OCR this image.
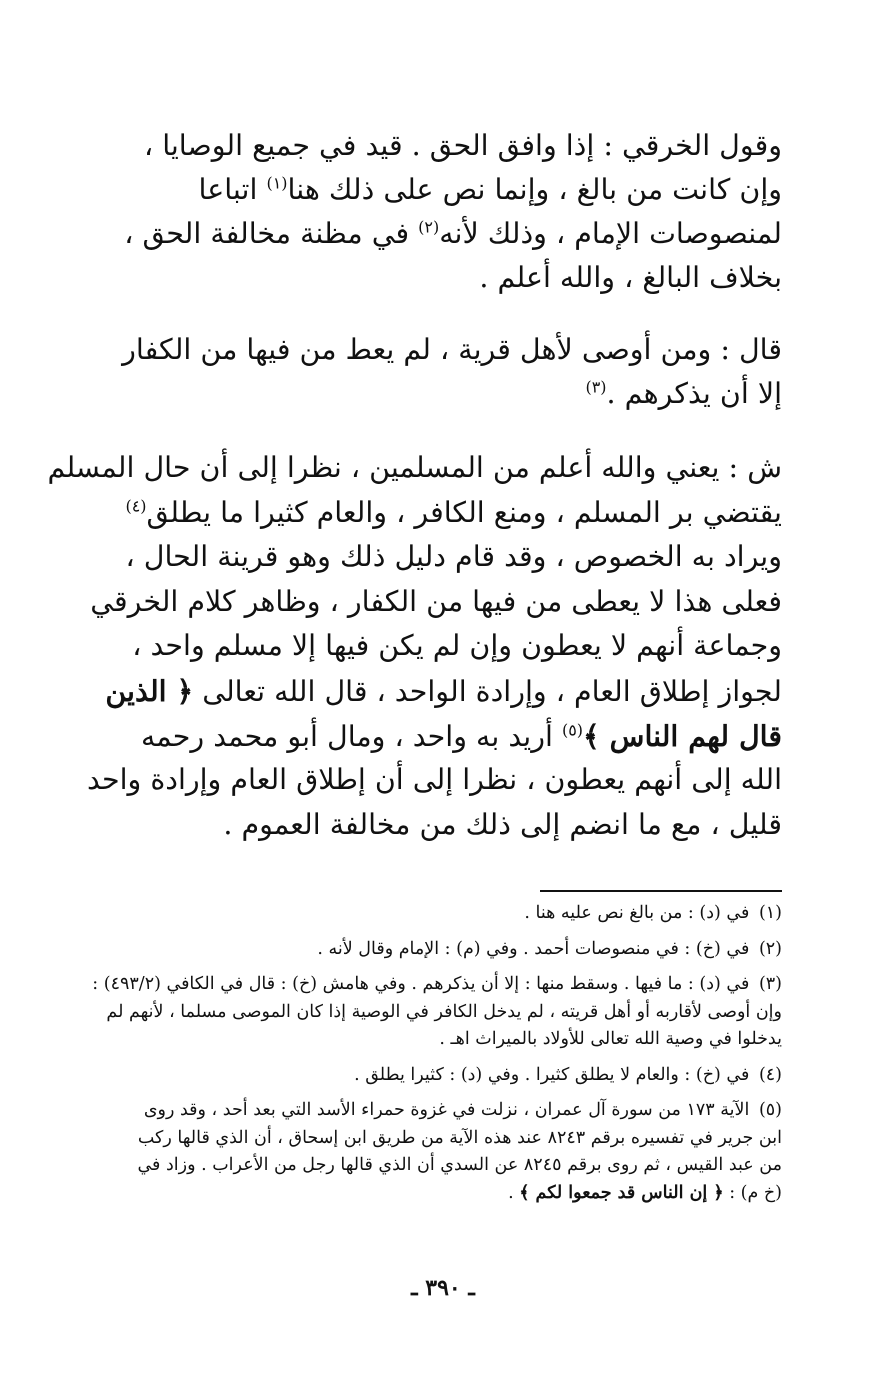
وقول الخرقي : إذا وافق الحق . قيد في جميع الوصايا ،
وإن كانت من بالغ ، وإنما نص على ذلك هنا$^{(١)}$ اتباعا
لمنصوصات الإمام ، وذلك لأنه$^{(٢)}$ في مظنة مخالفة الحق ،
بخلاف البالغ ، والله أعلم .
قال : ومن أوصى لأهل قرية ، لم يعط من فيها من الكفار
إلا أن يذكرهم .$^{(٣)}$
ش : يعني والله أعلم من المسلمين ، نظرا إلى أن حال المسلم
يقتضي بر المسلم ، ومنع الكافر ، والعام كثيرا ما يطلق$^{(٤)}$
ويراد به الخصوص ، وقد قام دليل ذلك وهو قرينة الحال ،
فعلى هذا لا يعطى من فيها من الكفار ، وظاهر كلام الخرقي
وجماعة أنهم لا يعطون وإن لم يكن فيها إلا مسلم واحد ،
لجواز إطلاق العام ، وإرادة الواحد ، قال الله تعالى ﴿ الذين
قال لهم الناس ﴾$^{(٥)}$ أريد به واحد ، ومال أبو محمد رحمه
الله إلى أنهم يعطون ، نظرا إلى أن إطلاق العام وإرادة واحد
قليل ، مع ما انضم إلى ذلك من مخالفة العموم .
(١) في (د) : من بالغ نص عليه هنا .
(٢) في (خ) : في منصوصات أحمد . وفي (م) : الإمام وقال لأنه .
(٣) في (د) : ما فيها . وسقط منها : إلا أن يذكرهم . وفي هامش (خ) : قال في الكافي (٤٩٣/٢) :
وإن أوصى لأقاربه أو أهل قريته ، لم يدخل الكافر في الوصية إذا كان الموصى مسلما ، لأنهم لم
يدخلوا في وصية الله تعالى للأولاد بالميراث اهـ .
(٤) في (خ) : والعام لا يطلق كثيرا . وفي (د) : كثيرا يطلق .
(٥) الآية ١٧٣ من سورة آل عمران ، نزلت في غزوة حمراء الأسد التي بعد أحد ، وقد روى
ابن جرير في تفسيره برقم ٨٢٤٣ عند هذه الآية من طريق ابن إسحاق ، أن الذي قالها ركب
من عبد القيس ، ثم روى برقم ٨٢٤٥ عن السدي أن الذي قالها رجل من الأعراب . وزاد في
(خ م) : ﴿ إن الناس قد جمعوا لكم ﴾ .
ـ ٣٩٠ ـ
